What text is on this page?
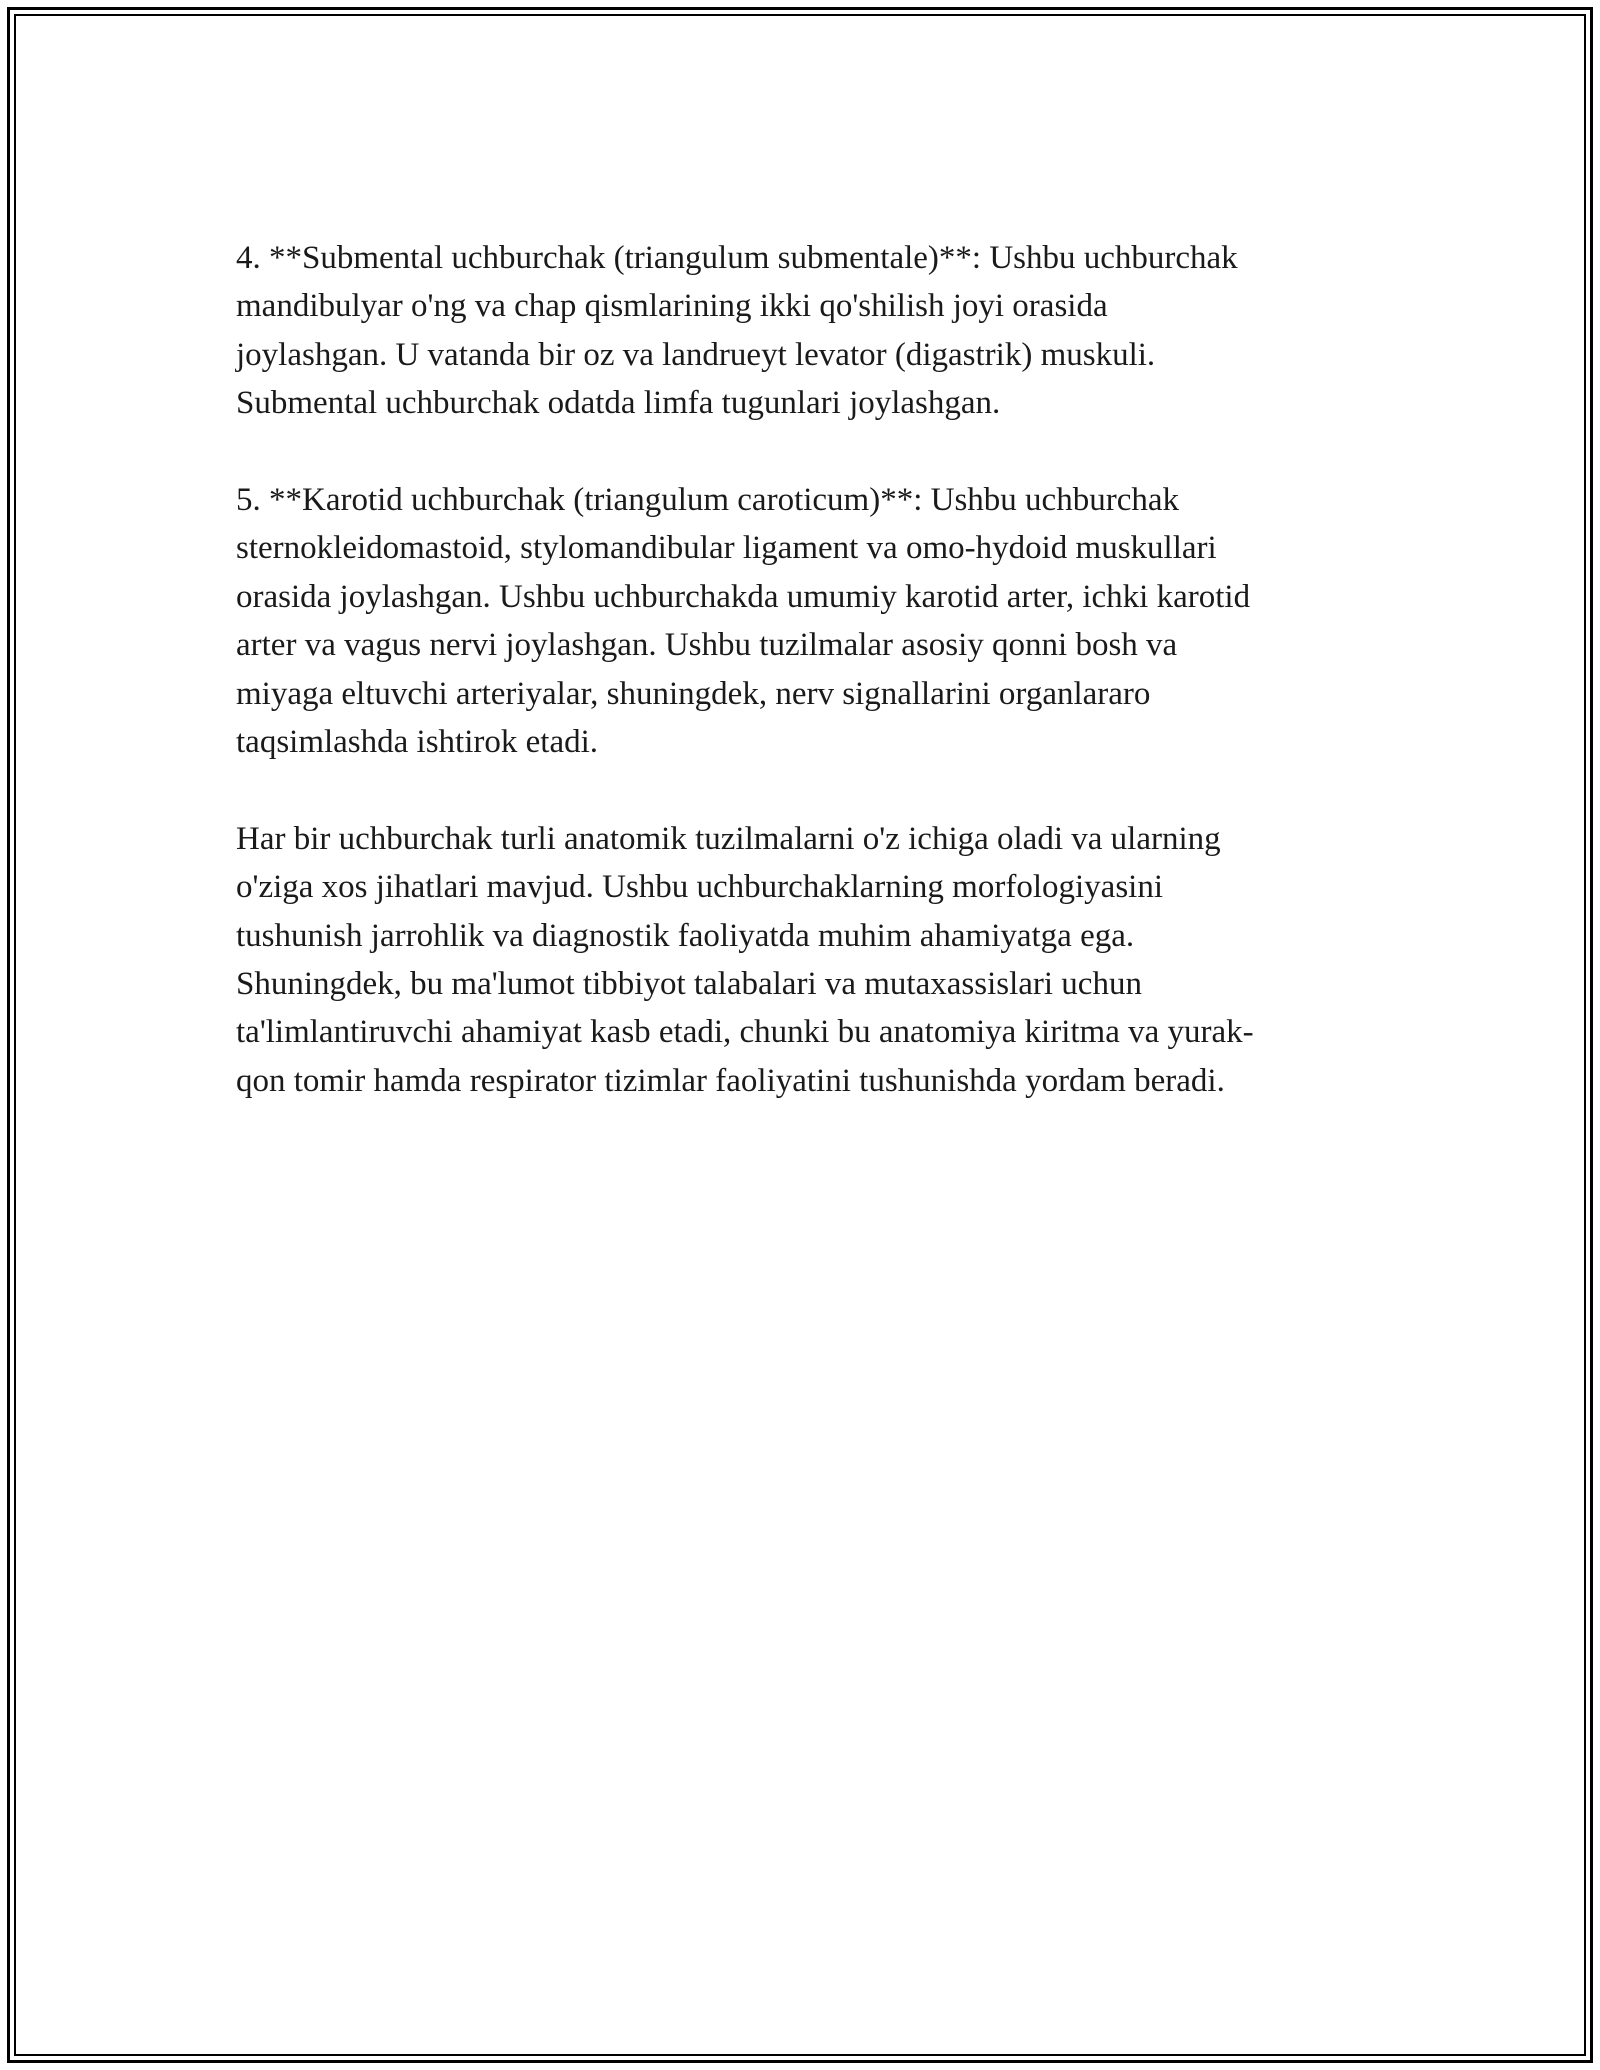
4. **Submental uchburchak (triangulum submentale)**: Ushbu uchburchak
mandibulyar o'ng va chap qismlarining ikki qo'shilish joyi orasida
joylashgan. U vatanda bir oz va landrueyt levator (digastrik) muskuli.
Submental uchburchak odatda limfa tugunlari joylashgan.

5. **Karotid uchburchak (triangulum caroticum)**: Ushbu uchburchak
sternokleidomastoid, stylomandibular ligament va omo-hydoid muskullari
orasida joylashgan. Ushbu uchburchakda umumiy karotid arter, ichki karotid
arter va vagus nervi joylashgan. Ushbu tuzilmalar asosiy qonni bosh va
miyaga eltuvchi arteriyalar, shuningdek, nerv signallarini organlararo
taqsimlashda ishtirok etadi.

Har bir uchburchak turli anatomik tuzilmalarni o'z ichiga oladi va ularning
o'ziga xos jihatlari mavjud. Ushbu uchburchaklarning morfologiyasini
tushunish jarrohlik va diagnostik faoliyatda muhim ahamiyatga ega.
Shuningdek, bu ma'lumot tibbiyot talabalari va mutaxassislari uchun
ta'limlantiruvchi ahamiyat kasb etadi, chunki bu anatomiya kiritma va yurak-
qon tomir hamda respirator tizimlar faoliyatini tushunishda yordam beradi.
